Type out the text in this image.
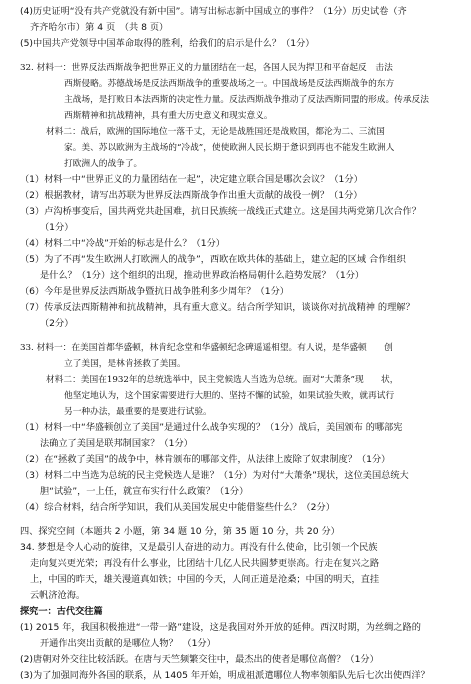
(4)历史证明“没有共产党就没有新中国”。请写出标志新中国成立的事件？（1分）历史试卷（齐
齐齐哈尔市）第 4 页　（共 8 页）
(5)中国共产党领导中国革命取得的胜利，给我们的启示是什么？（1分）
32. 材料一：世界反法西斯战争把世界正义的力量团结在一起，各国人民为捍卫和平奋起反　击法
西斯侵略。苏德战场是反法西斯战争的重要战场之一。中国战场是反法西斯战争的东方
主战场，是打败日本法西斯的决定性力量。反法西斯战争推动了反法西斯同盟的形成。传承反法
西斯精神和抗战精神，具有重大历史意义和现实意义。
材料二：战后，欧洲的国际地位一落千丈，无论是战胜国还是战败国，都沦为二、三流国
家。美、苏以欧洲为主战场的“冷战”，使使欧洲人民长期于惫识到再也不能发生欧洲人
打欧洲人的战争了。
（1）材料一中“世界正义的力量团结在一起”，决定建立联合国是哪次会议？（1分）
（2）根据教材，请写出苏联为世界反法西斯战争作出重大贡献的战役一例？（1分）
（3）卢沟桥事变后，国共两党共赴国难，抗日民族统一战线正式建立。这是国共两党第几次合作？
（1分）
（4）材料二中“冷战”开始的标志是什么？（1分）
（5）为了不再“发生欧洲人打欧洲人的战争”，西欧在欧共体的基础上，建立起的区域 合作组织
是什么？（1分）这个组织的出现，推动世界政治格局朝什么趋势发展？（1分）
（6）今年是世界反法西斯战争暨抗日战争胜利多少周年？（1分）
（7）传承反法西斯精神和抗战精神，具有重大意义。结合所学知识，谈谈你对抗战精神 的理解？
（2分）
33. 材料一：在美国首都华盛顿，林肯纪念堂和华盛顿纪念碑遥遥相望。有人说，是华盛顿　　创
立了美国，是林肯拯救了美国。
材料二：美国在1932年的总统选举中，民主党候选人当选为总统。面对“大萧条”现　　状，
他坚定地认为，这个国家需要进行大胆的、坚持不懈的试验，如果试验失败，就再试行
另一种办法，最重要的是要进行试验。
（1）材料一中“华盛顿创立了美国”是通过什么战争实现的？（1分）战后，美国颁布 的哪部宪
法确立了美国是联邦制国家？（1分）
（2）在“拯救了美国”的战争中，林肯颁布的哪部文件，从法律上废除了奴隶制度？（1分）
（3）材料二中当选为总统的民主党候选人是谁？（1分）为对付“大萧条”现状，这位美国总统大
胆“试验”，一上任，就宣布实行什么政策？（1分）
（4）综合材料，结合所学知识，我们从美国发展史中能借鉴些什么？（2分）
四、探究空间（本题共 2 小题，第 34 题 10 分，第 35 题 10 分，共 20 分）
34. 梦想是令人心动的旋律，又是最引人奋进的动力。再没有什么使命，比引领一个民族
走向复兴更光荣；再没有什么事业，比团结十几亿人民共圆梦更崇高。行走在复兴之路
上，中国的昨天，雄关漫道真如铁；中国的今天，人间正道是沧桑；中国的明天，直挂
云帆济沧海。
探究一：古代交往篇
(1) 2015 年，我国积极推进“一带一路”建设，这是我国对外开放的延伸。西汉时期，为丝绸之路的
开通作出突出贡献的是哪位人物？　（1分）
(2)唐朝对外交往比较活跃。在唐与天竺频繁交往中，最杰出的使者是哪位高僧？（1分）
(3)为了加强同海外各国的联系，从 1405 年开始，明成祖派遣哪位人物率领船队先后七次出使西洋？
